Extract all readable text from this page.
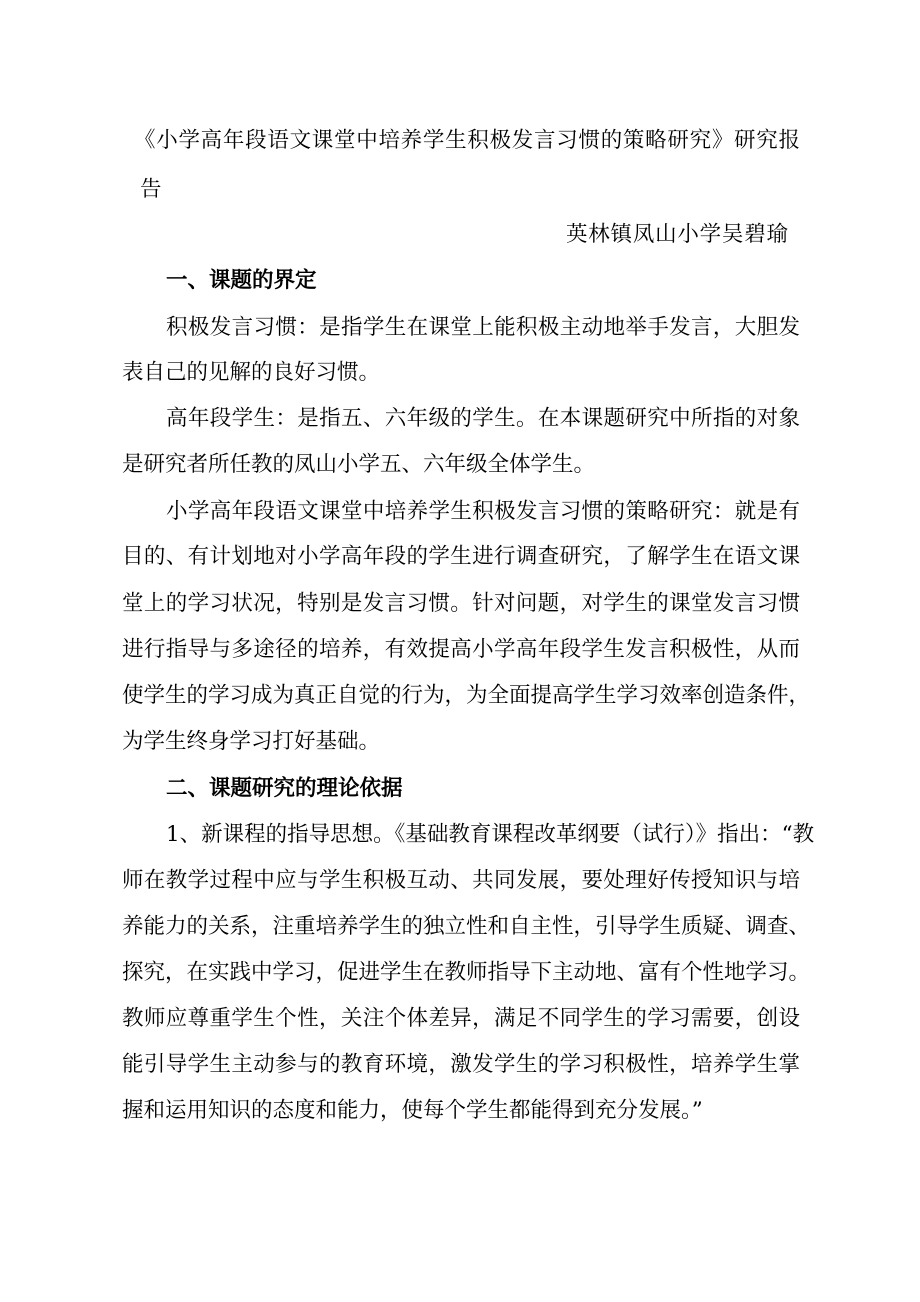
《小学高年段语文课堂中培养学生积极发言习惯的策略研究》研究报
告
英林镇凤山小学吴碧瑜
一、课题的界定
积极发言习惯：是指学生在课堂上能积极主动地举手发言，大胆发
表自己的见解的良好习惯。
高年段学生：是指五、六年级的学生。在本课题研究中所指的对象
是研究者所任教的凤山小学五、六年级全体学生。
小学高年段语文课堂中培养学生积极发言习惯的策略研究：就是有
目的、有计划地对小学高年段的学生进行调查研究，了解学生在语文课
堂上的学习状况，特别是发言习惯。针对问题，对学生的课堂发言习惯
进行指导与多途径的培养，有效提高小学高年段学生发言积极性，从而
使学生的学习成为真正自觉的行为，为全面提高学生学习效率创造条件，
为学生终身学习打好基础。
二、课题研究的理论依据
1、新课程的指导思想。《基础教育课程改革纲要（试行）》指出：“教
师在教学过程中应与学生积极互动、共同发展，要处理好传授知识与培
养能力的关系，注重培养学生的独立性和自主性，引导学生质疑、调查、
探究，在实践中学习，促进学生在教师指导下主动地、富有个性地学习。
教师应尊重学生个性，关注个体差异，满足不同学生的学习需要，创设
能引导学生主动参与的教育环境，激发学生的学习积极性，培养学生掌
握和运用知识的态度和能力，使每个学生都能得到充分发展。”
